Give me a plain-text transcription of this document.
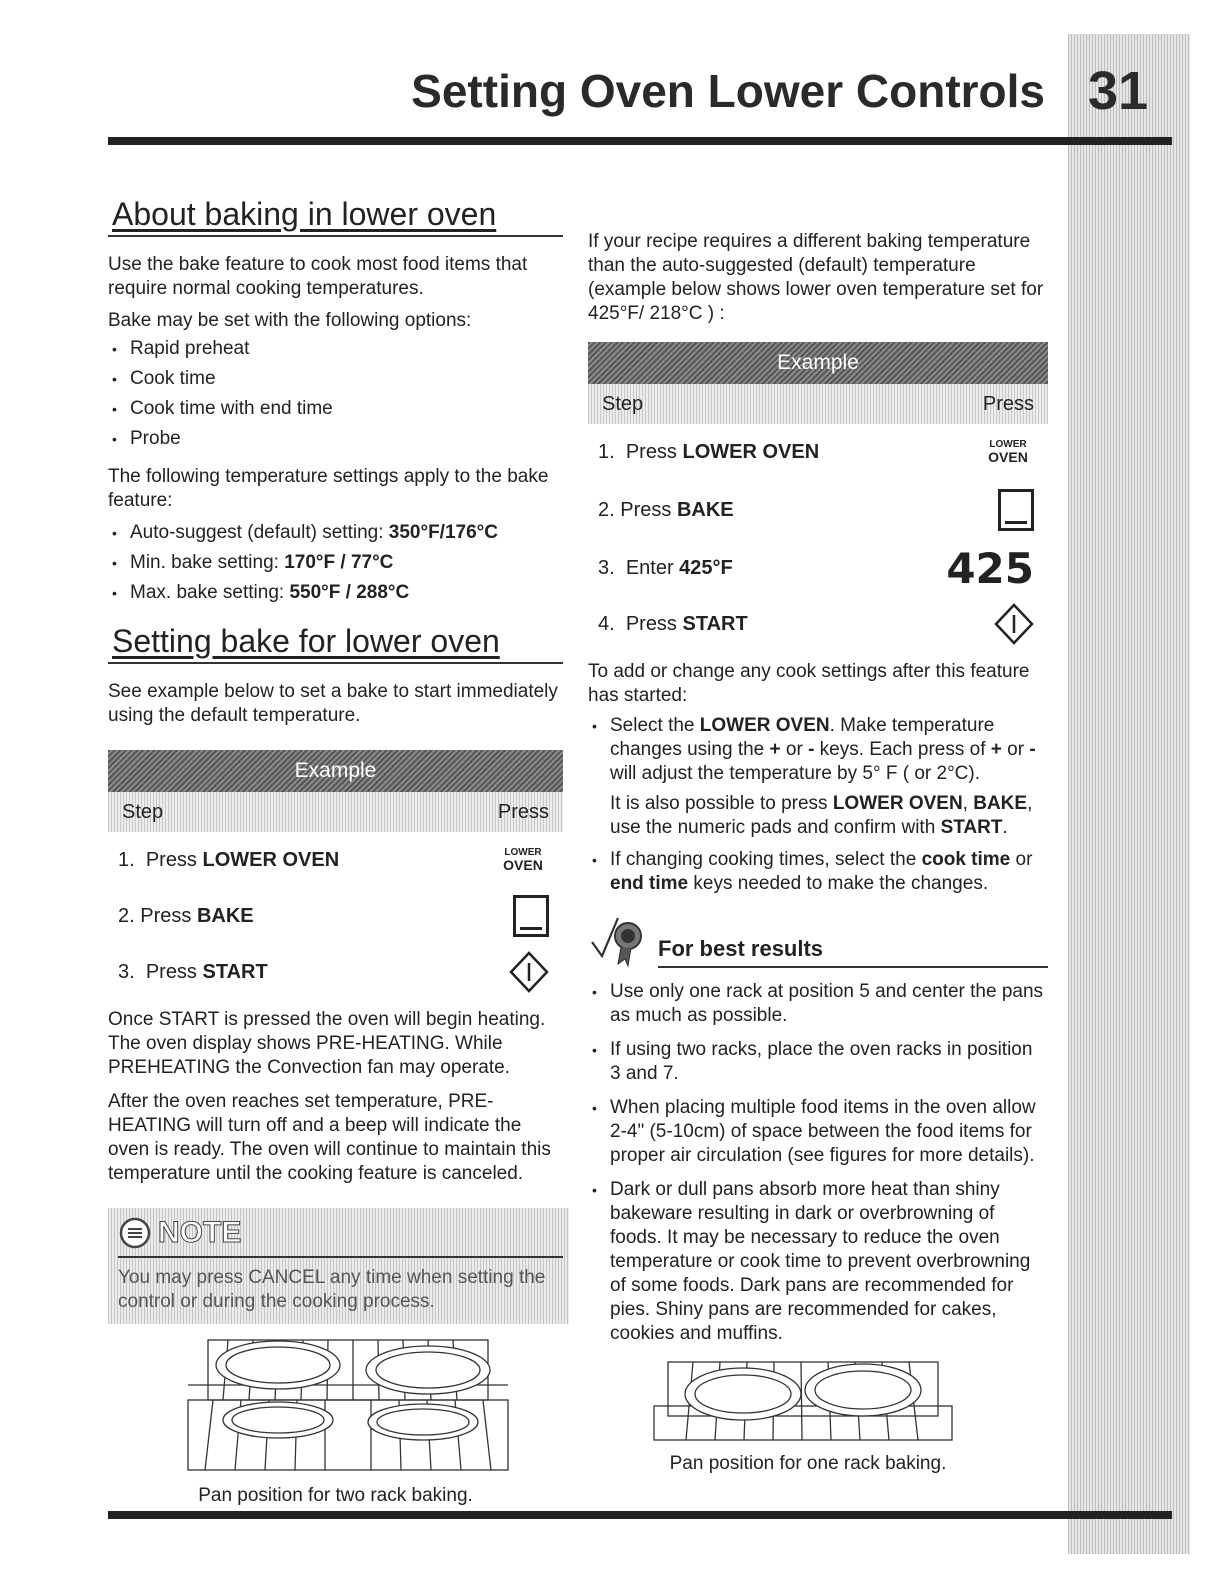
Setting Oven Lower Controls 31
About baking in lower oven

Use the bake feature to cook most food items that require normal cooking temperatures.

Bake may be set with the following options:

• Rapid preheat
• Cook time
• Cook time with end time
• Probe

The following temperature settings apply to the bake feature:

• Auto-suggest (default) setting: 350°F/176°C
• Min. bake setting: 170°F / 77°C
• Max. bake setting: 550°F / 288°C
Setting bake for lower oven

See example below to set a bake to start immediately using the default temperature.

Example
Step	Press
1. Press LOWER OVEN	LOWER
OVEN
2. Press BAKE
3. Press START

Once START is pressed the oven will begin heating. The oven display shows PRE-HEATING. While PREHEATING the Convection fan may operate.

After the oven reaches set temperature, PRE-HEATING will turn off and a beep will indicate the oven is ready. The oven will continue to maintain this temperature until the cooking feature is canceled.

NOTE
You may press CANCEL any time when setting the control or during the cooking process.
Pan position for two rack baking.

If your recipe requires a different baking temperature than the auto-suggested (default) temperature (example below shows lower oven temperature set for 425°F/ 218°C ) :

Example
Step	Press
1. Press LOWER OVEN	LOWER
OVEN
2. Press BAKE
3. Enter 425°F	425
4. Press START

To add or change any cook settings after this feature has started:

• Select the LOWER OVEN. Make temperature changes using the + or - keys. Each press of + or - will adjust the temperature by 5° F ( or 2°C).
It is also possible to press LOWER OVEN, BAKE, use the numeric pads and confirm with START.
• If changing cooking times, select the cook time or end time keys needed to make the changes.
For best results
• Use only one rack at position 5 and center the pans as much as possible.
• If using two racks, place the oven racks in position 3 and 7.
• When placing multiple food items in the oven allow 2-4" (5-10cm) of space between the food items for proper air circulation (see figures for more details).
• Dark or dull pans absorb more heat than shiny bakeware resulting in dark or overbrowning of foods. It may be necessary to reduce the oven temperature or cook time to prevent overbrowning of some foods. Dark pans are recommended for pies. Shiny pans are recommended for cakes, cookies and muffins.
Pan position for one rack baking.
